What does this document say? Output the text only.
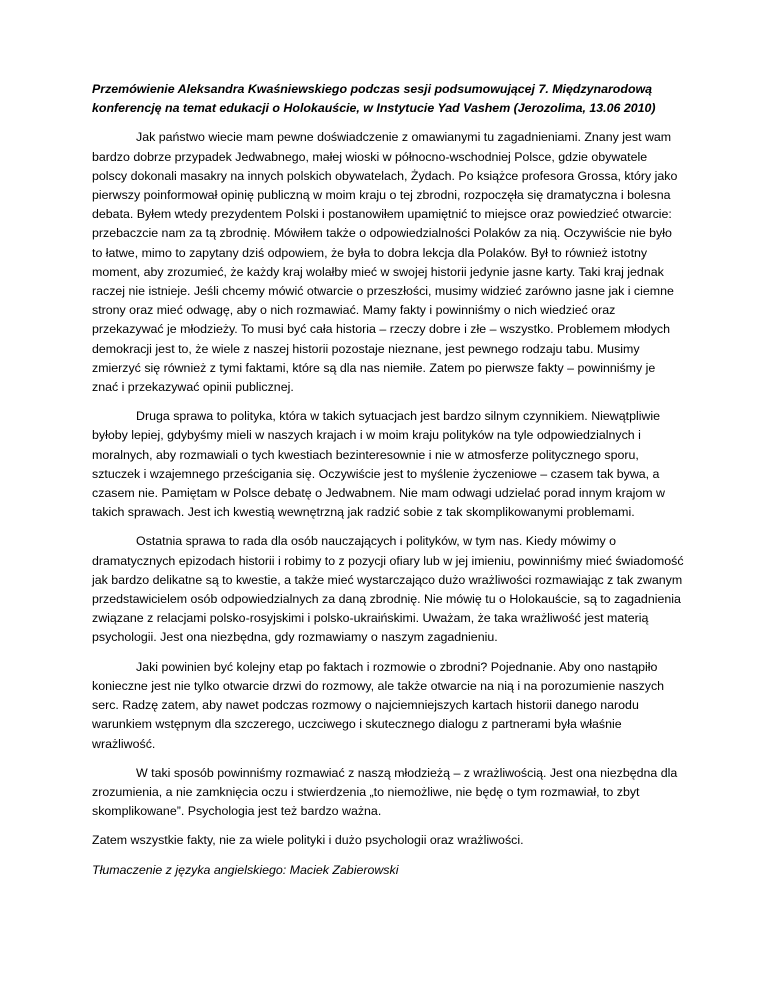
Przemówienie Aleksandra Kwaśniewskiego podczas sesji podsumowującej 7. Międzynarodową konferencję na temat edukacji o Holokauście, w Instytucie Yad Vashem (Jerozolima, 13.06 2010)

Jak państwo wiecie mam pewne doświadczenie z omawianymi tu zagadnieniami. Znany jest wam bardzo dobrze przypadek Jedwabnego, małej wioski w północno-wschodniej Polsce, gdzie obywatele polscy dokonali masakry na innych polskich obywatelach, Żydach. Po książce profesora Grossa, który jako pierwszy poinformował opinię publiczną w moim kraju o tej zbrodni, rozpoczęła się dramatyczna i bolesna debata. Byłem wtedy prezydentem Polski i postanowiłem upamiętnić to miejsce oraz powiedzieć otwarcie: przebaczcie nam za tą zbrodnię. Mówiłem także o odpowiedzialności Polaków za nią. Oczywiście nie było to łatwe, mimo to zapytany dziś odpowiem, że była to dobra lekcja dla Polaków. Był to również istotny moment, aby zrozumieć, że każdy kraj wolałby mieć w swojej historii jedynie jasne karty. Taki kraj jednak raczej nie istnieje. Jeśli chcemy mówić otwarcie o przeszłości, musimy widzieć zarówno jasne jak i ciemne strony oraz mieć odwagę, aby o nich rozmawiać. Mamy fakty i powinniśmy o nich wiedzieć oraz przekazywać je młodzieży. To musi być cała historia – rzeczy dobre i złe – wszystko. Problemem młodych demokracji jest to, że wiele z naszej historii pozostaje nieznane, jest pewnego rodzaju tabu. Musimy zmierzyć się również z tymi faktami, które są dla nas niemiłe. Zatem po pierwsze fakty – powinniśmy je znać i przekazywać opinii publicznej.

Druga sprawa to polityka, która w takich sytuacjach jest bardzo silnym czynnikiem. Niewątpliwie byłoby lepiej, gdybyśmy mieli w naszych krajach i w moim kraju polityków na tyle odpowiedzialnych i moralnych, aby rozmawiali o tych kwestiach bezinteresownie i nie w atmosferze politycznego sporu, sztuczek i wzajemnego prześcigania się. Oczywiście jest to myślenie życzeniowe – czasem tak bywa, a czasem nie. Pamiętam w Polsce debatę o Jedwabnem. Nie mam odwagi udzielać porad innym krajom w takich sprawach. Jest ich kwestią wewnętrzną jak radzić sobie z tak skomplikowanymi problemami.

Ostatnia sprawa to rada dla osób nauczających i polityków, w tym nas. Kiedy mówimy o dramatycznych epizodach historii i robimy to z pozycji ofiary lub w jej imieniu, powinniśmy mieć świadomość jak bardzo delikatne są to kwestie, a także mieć wystarczająco dużo wrażliwości rozmawiając z tak zwanym przedstawicielem osób odpowiedzialnych za daną zbrodnię. Nie mówię tu o Holokauście, są to zagadnienia związane z relacjami polsko-rosyjskimi i polsko-ukraińskimi. Uważam, że taka wrażliwość jest materią psychologii. Jest ona niezbędna, gdy rozmawiamy o naszym zagadnieniu.

Jaki powinien być kolejny etap po faktach i rozmowie o zbrodni? Pojednanie. Aby ono nastąpiło konieczne jest nie tylko otwarcie drzwi do rozmowy, ale także otwarcie na nią i na porozumienie naszych serc. Radzę zatem, aby nawet podczas rozmowy o najciemniejszych kartach historii danego narodu warunkiem wstępnym dla szczerego, uczciwego i skutecznego dialogu z partnerami była właśnie wrażliwość.

W taki sposób powinniśmy rozmawiać z naszą młodzieżą – z wrażliwością. Jest ona niezbędna dla zrozumienia, a nie zamknięcia oczu i stwierdzenia „to niemożliwe, nie będę o tym rozmawiał, to zbyt skomplikowane”. Psychologia jest też bardzo ważna.

Zatem wszystkie fakty, nie za wiele polityki i dużo psychologii oraz wrażliwości.

Tłumaczenie z języka angielskiego: Maciek Zabierowski
